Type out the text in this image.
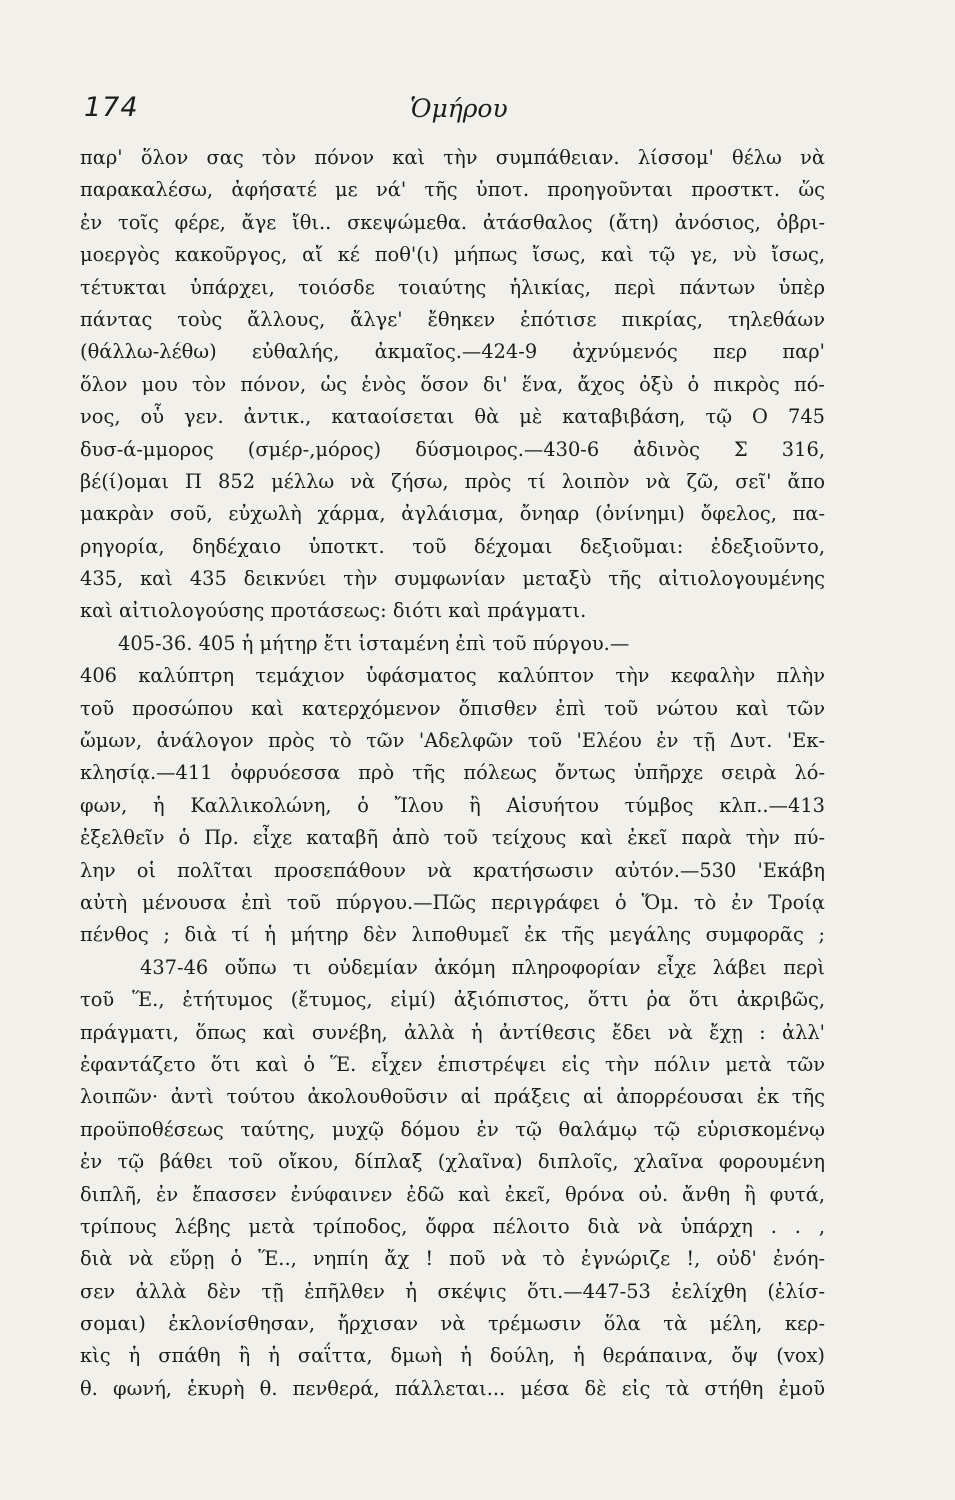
174	Ὁμήρου
παρ' ὅλον σας τὸν πόνον καὶ τὴν συμπάθειαν. λίσσομ' θέλω νὰ
παρακαλέσω, ἀφήσατέ με νά' τῆς ὑποτ. προηγοῦνται προστκτ. ὥς
ἐν τοῖς φέρε, ἄγε ἴθι.. σκεψώμεθα. ἀτάσθαλος (ἄτη) ἀνόσιος, ὀβρι-
μοεργὸς κακοῦργος, αἴ κέ ποθ'(ι) μήπως ἴσως, καὶ τῷ γε, νὺ ἴσως,
τέτυκται ὑπάρχει, τοιόσδε τοιαύτης ἡλικίας, περὶ πάντων ὑπὲρ
πάντας τοὺς ἄλλους, ἄλγε' ἔθηκεν ἐπότισε πικρίας, τηλεθάων
(θάλλω-λέθω) εὐθαλής, ἀκμαῖος.—424-9 ἀχνύμενός περ παρ'
ὅλον μου τὸν πόνον, ὡς ἑνὸς ὅσον δι' ἕνα, ἄχος ὀξὺ ὁ πικρὸς πό-
νος, οὗ γεν. ἀντικ., καταοίσεται θὰ μὲ καταβιβάση, τῷ Ο 745
δυσ-ά-μμορος (σμέρ-,μόρος) δύσμοιρος.—430-6 ἀδινὸς Σ 316,
βέ(ί)ομαι Π 852 μέλλω νὰ ζήσω, πρὸς τί λοιπὸν νὰ ζῶ, σεῖ' ἄπο
μακρὰν σοῦ, εὐχωλὴ χάρμα, ἀγλάισμα, ὄνηαρ (ὀνίνημι) ὄφελος, πα-
ρηγορία, δηδέχαιο ὑποτκτ. τοῦ δέχομαι δεξιοῦμαι: ἐδεξιοῦντο,
435, καὶ 435 δεικνύει τὴν συμφωνίαν μεταξὺ τῆς αἰτιολογουμένης
καὶ αἰτιολογούσης προτάσεως: διότι καὶ πράγματι.
405-36. 405 ἡ μήτηρ ἔτι ἱσταμένη ἐπὶ τοῦ πύργου.—
406 καλύπτρη τεμάχιον ὑφάσματος καλύπτον τὴν κεφαλὴν πλὴν
τοῦ προσώπου καὶ κατερχόμενον ὄπισθεν ἐπὶ τοῦ νώτου καὶ τῶν
ὤμων, ἀνάλογον πρὸς τὸ τῶν 'Αδελφῶν τοῦ 'Ελέου ἐν τῇ Δυτ. 'Εκ-
κλησίᾳ.—411 ὀφρυόεσσα πρὸ τῆς πόλεως ὄντως ὑπῆρχε σειρὰ λό-
φων, ἡ Καλλικολώνη, ὁ Ἴλου ἢ Αἰσυήτου τύμβος κλπ..—413
ἐξελθεῖν ὁ Πρ. εἶχε καταβῆ ἀπὸ τοῦ τείχους καὶ ἐκεῖ παρὰ τὴν πύ-
λην οἱ πολῖται προσεπάθουν νὰ κρατήσωσιν αὐτόν.—530 'Εκάβη
αὐτὴ μένουσα ἐπὶ τοῦ πύργου.—Πῶς περιγράφει ὁ Ὅμ. τὸ ἐν Τροίᾳ
πένθος ; διὰ τί ἡ μήτηρ δὲν λιποθυμεῖ ἐκ τῆς μεγάλης συμφορᾶς ;
437-46 οὔπω τι οὐδεμίαν ἀκόμη πληροφορίαν εἶχε λάβει περὶ
τοῦ Ἕ., ἐτήτυμος (ἔτυμος, εἰμί) ἀξιόπιστος, ὅττι ῥα ὅτι ἀκριβῶς,
πράγματι, ὅπως καὶ συνέβη, ἀλλὰ ἡ ἀντίθεσις ἔδει νὰ ἔχῃ : ἀλλ'
ἐφαντάζετο ὅτι καὶ ὁ Ἕ. εἶχεν ἐπιστρέψει εἰς τὴν πόλιν μετὰ τῶν
λοιπῶν· ἀντὶ τούτου ἀκολουθοῦσιν αἱ πράξεις αἱ ἀπορρέουσαι ἐκ τῆς
προϋποθέσεως ταύτης, μυχῷ δόμου ἐν τῷ θαλάμῳ τῷ εὑρισκομένῳ
ἐν τῷ βάθει τοῦ οἴκου, δίπλαξ (χλαῖνα) διπλοῖς, χλαῖνα φορουμένη
διπλῆ, ἐν ἔπασσεν ἐνύφαινεν ἐδῶ καὶ ἐκεῖ, θρόνα οὐ. ἄνθη ἢ φυτά,
τρίπους λέβης μετὰ τρίποδος, ὄφρα πέλοιτο διὰ νὰ ὑπάρχη . . ,
διὰ νὰ εὕρῃ ὁ Ἕ.., νηπίη ἄχ ! ποῦ νὰ τὸ ἐγνώριζε !, οὐδ' ἐνόη-
σεν ἀλλὰ δὲν τῇ ἐπῆλθεν ἡ σκέψις ὅτι.—447-53 ἐελίχθη (ἑλίσ-
σομαι) ἐκλονίσθησαν, ἤρχισαν νὰ τρέμωσιν ὅλα τὰ μέλη, κερ-
κὶς ἡ σπάθη ἢ ἡ σαΐττα, δμωὴ ἡ δούλη, ἡ θεράπαινα, ὄψ (vox)
θ. φωνή, ἑκυρὴ θ. πενθερά, πάλλεται... μέσα δὲ εἰς τὰ στήθη ἐμοῦ
